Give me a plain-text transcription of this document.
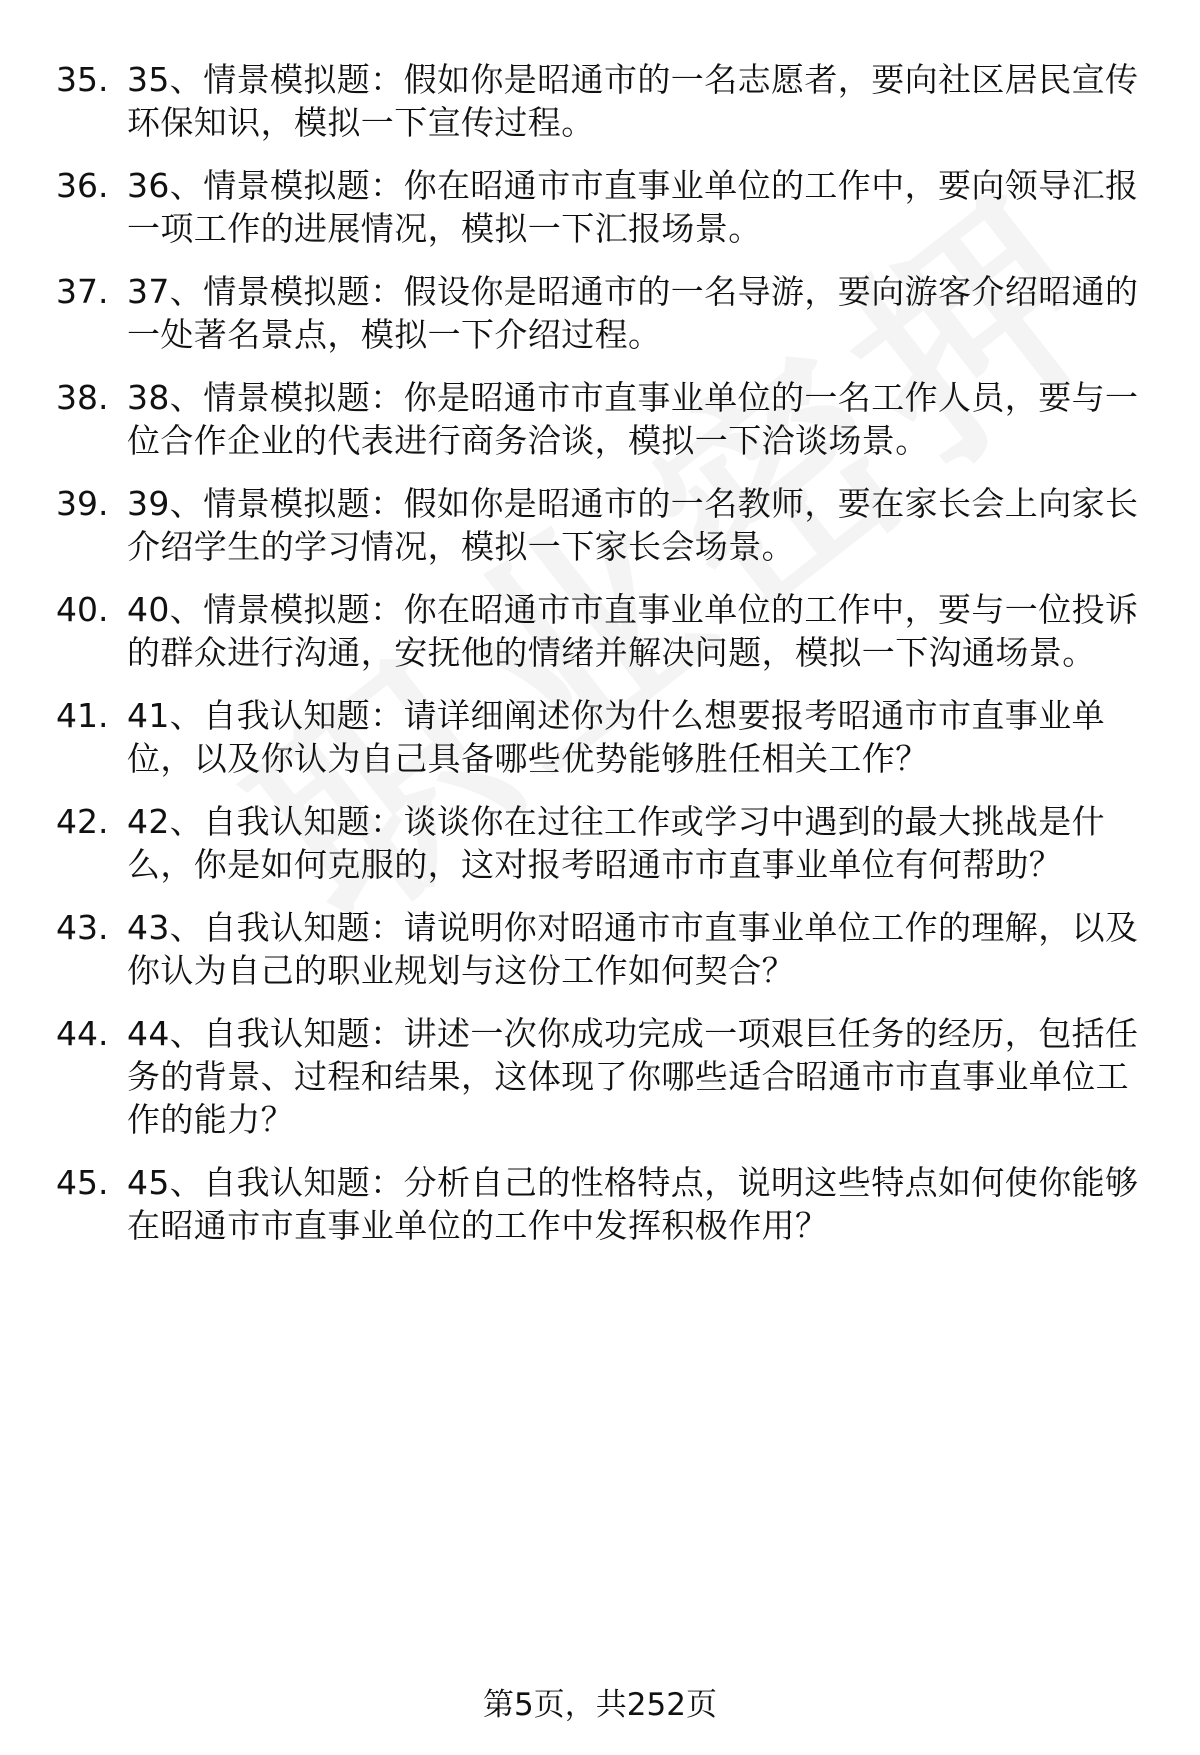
35. 35、情景模拟题：假如你是昭通市的一名志愿者，要向社区居民宣传环保知识，模拟一下宣传过程。
36. 36、情景模拟题：你在昭通市市直事业单位的工作中，要向领导汇报一项工作的进展情况，模拟一下汇报场景。
37. 37、情景模拟题：假设你是昭通市的一名导游，要向游客介绍昭通的一处著名景点，模拟一下介绍过程。
38. 38、情景模拟题：你是昭通市市直事业单位的一名工作人员，要与一位合作企业的代表进行商务洽谈，模拟一下洽谈场景。
39. 39、情景模拟题：假如你是昭通市的一名教师，要在家长会上向家长介绍学生的学习情况，模拟一下家长会场景。
40. 40、情景模拟题：你在昭通市市直事业单位的工作中，要与一位投诉的群众进行沟通，安抚他的情绪并解决问题，模拟一下沟通场景。
41. 41、自我认知题：请详细阐述你为什么想要报考昭通市市直事业单位，以及你认为自己具备哪些优势能够胜任相关工作？
42. 42、自我认知题：谈谈你在过往工作或学习中遇到的最大挑战是什么，你是如何克服的，这对报考昭通市市直事业单位有何帮助？
43. 43、自我认知题：请说明你对昭通市市直事业单位工作的理解，以及你认为自己的职业规划与这份工作如何契合？
44. 44、自我认知题：讲述一次你成功完成一项艰巨任务的经历，包括任务的背景、过程和结果，这体现了你哪些适合昭通市市直事业单位工作的能力？
45. 45、自我认知题：分析自己的性格特点，说明这些特点如何使你能够在昭通市市直事业单位的工作中发挥积极作用？
第5页，共252页
